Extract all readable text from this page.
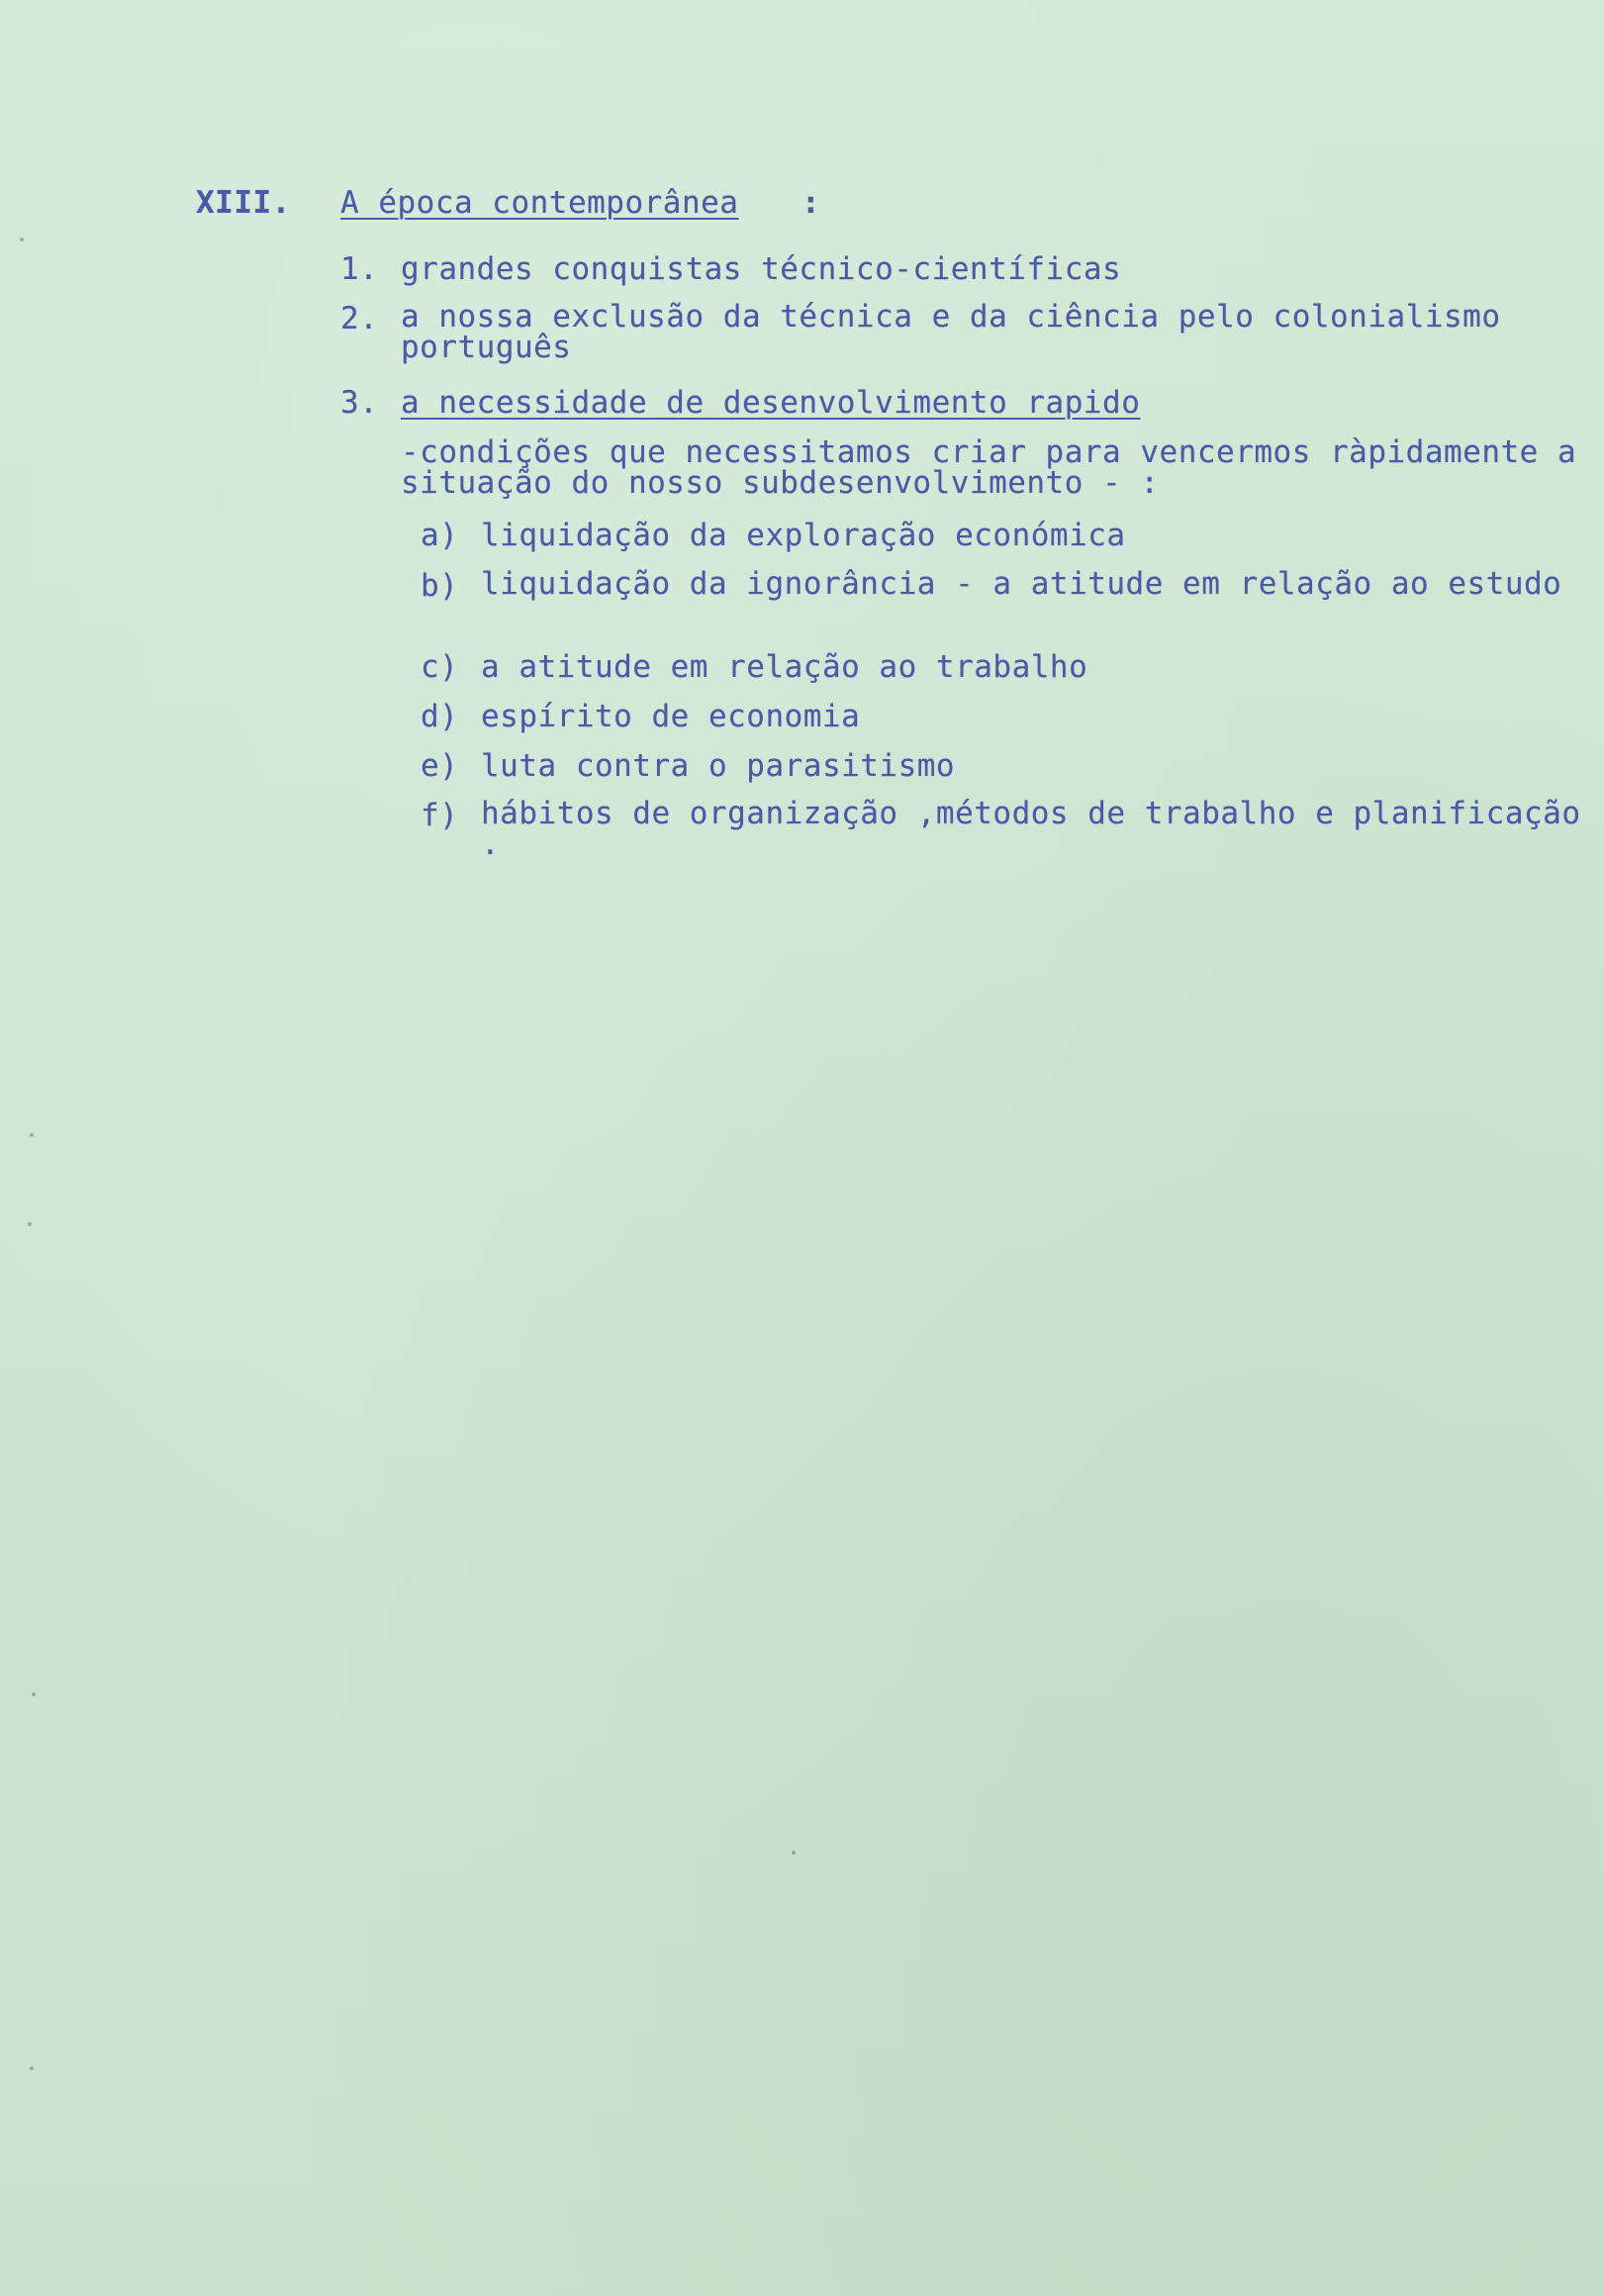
XIII. A época contemporânea :
1. grandes conquistas técnico-científicas
2. a nossa exclusão da técnica e da ciência pelo colonialismo português
3. a necessidade de desenvolvimento rapido
-condições que necessitamos criar para vencermos ràpidamente a situação do nosso subdesenvolvimento - :
a) liquidação da exploração económica
b) liquidação da ignorância - a atitude em relação ao estudo
c) a atitude em relação ao trabalho
d) espírito de economia
e) luta contra o parasitismo
f) hábitos de organização ,métodos de trabalho e planificação .
